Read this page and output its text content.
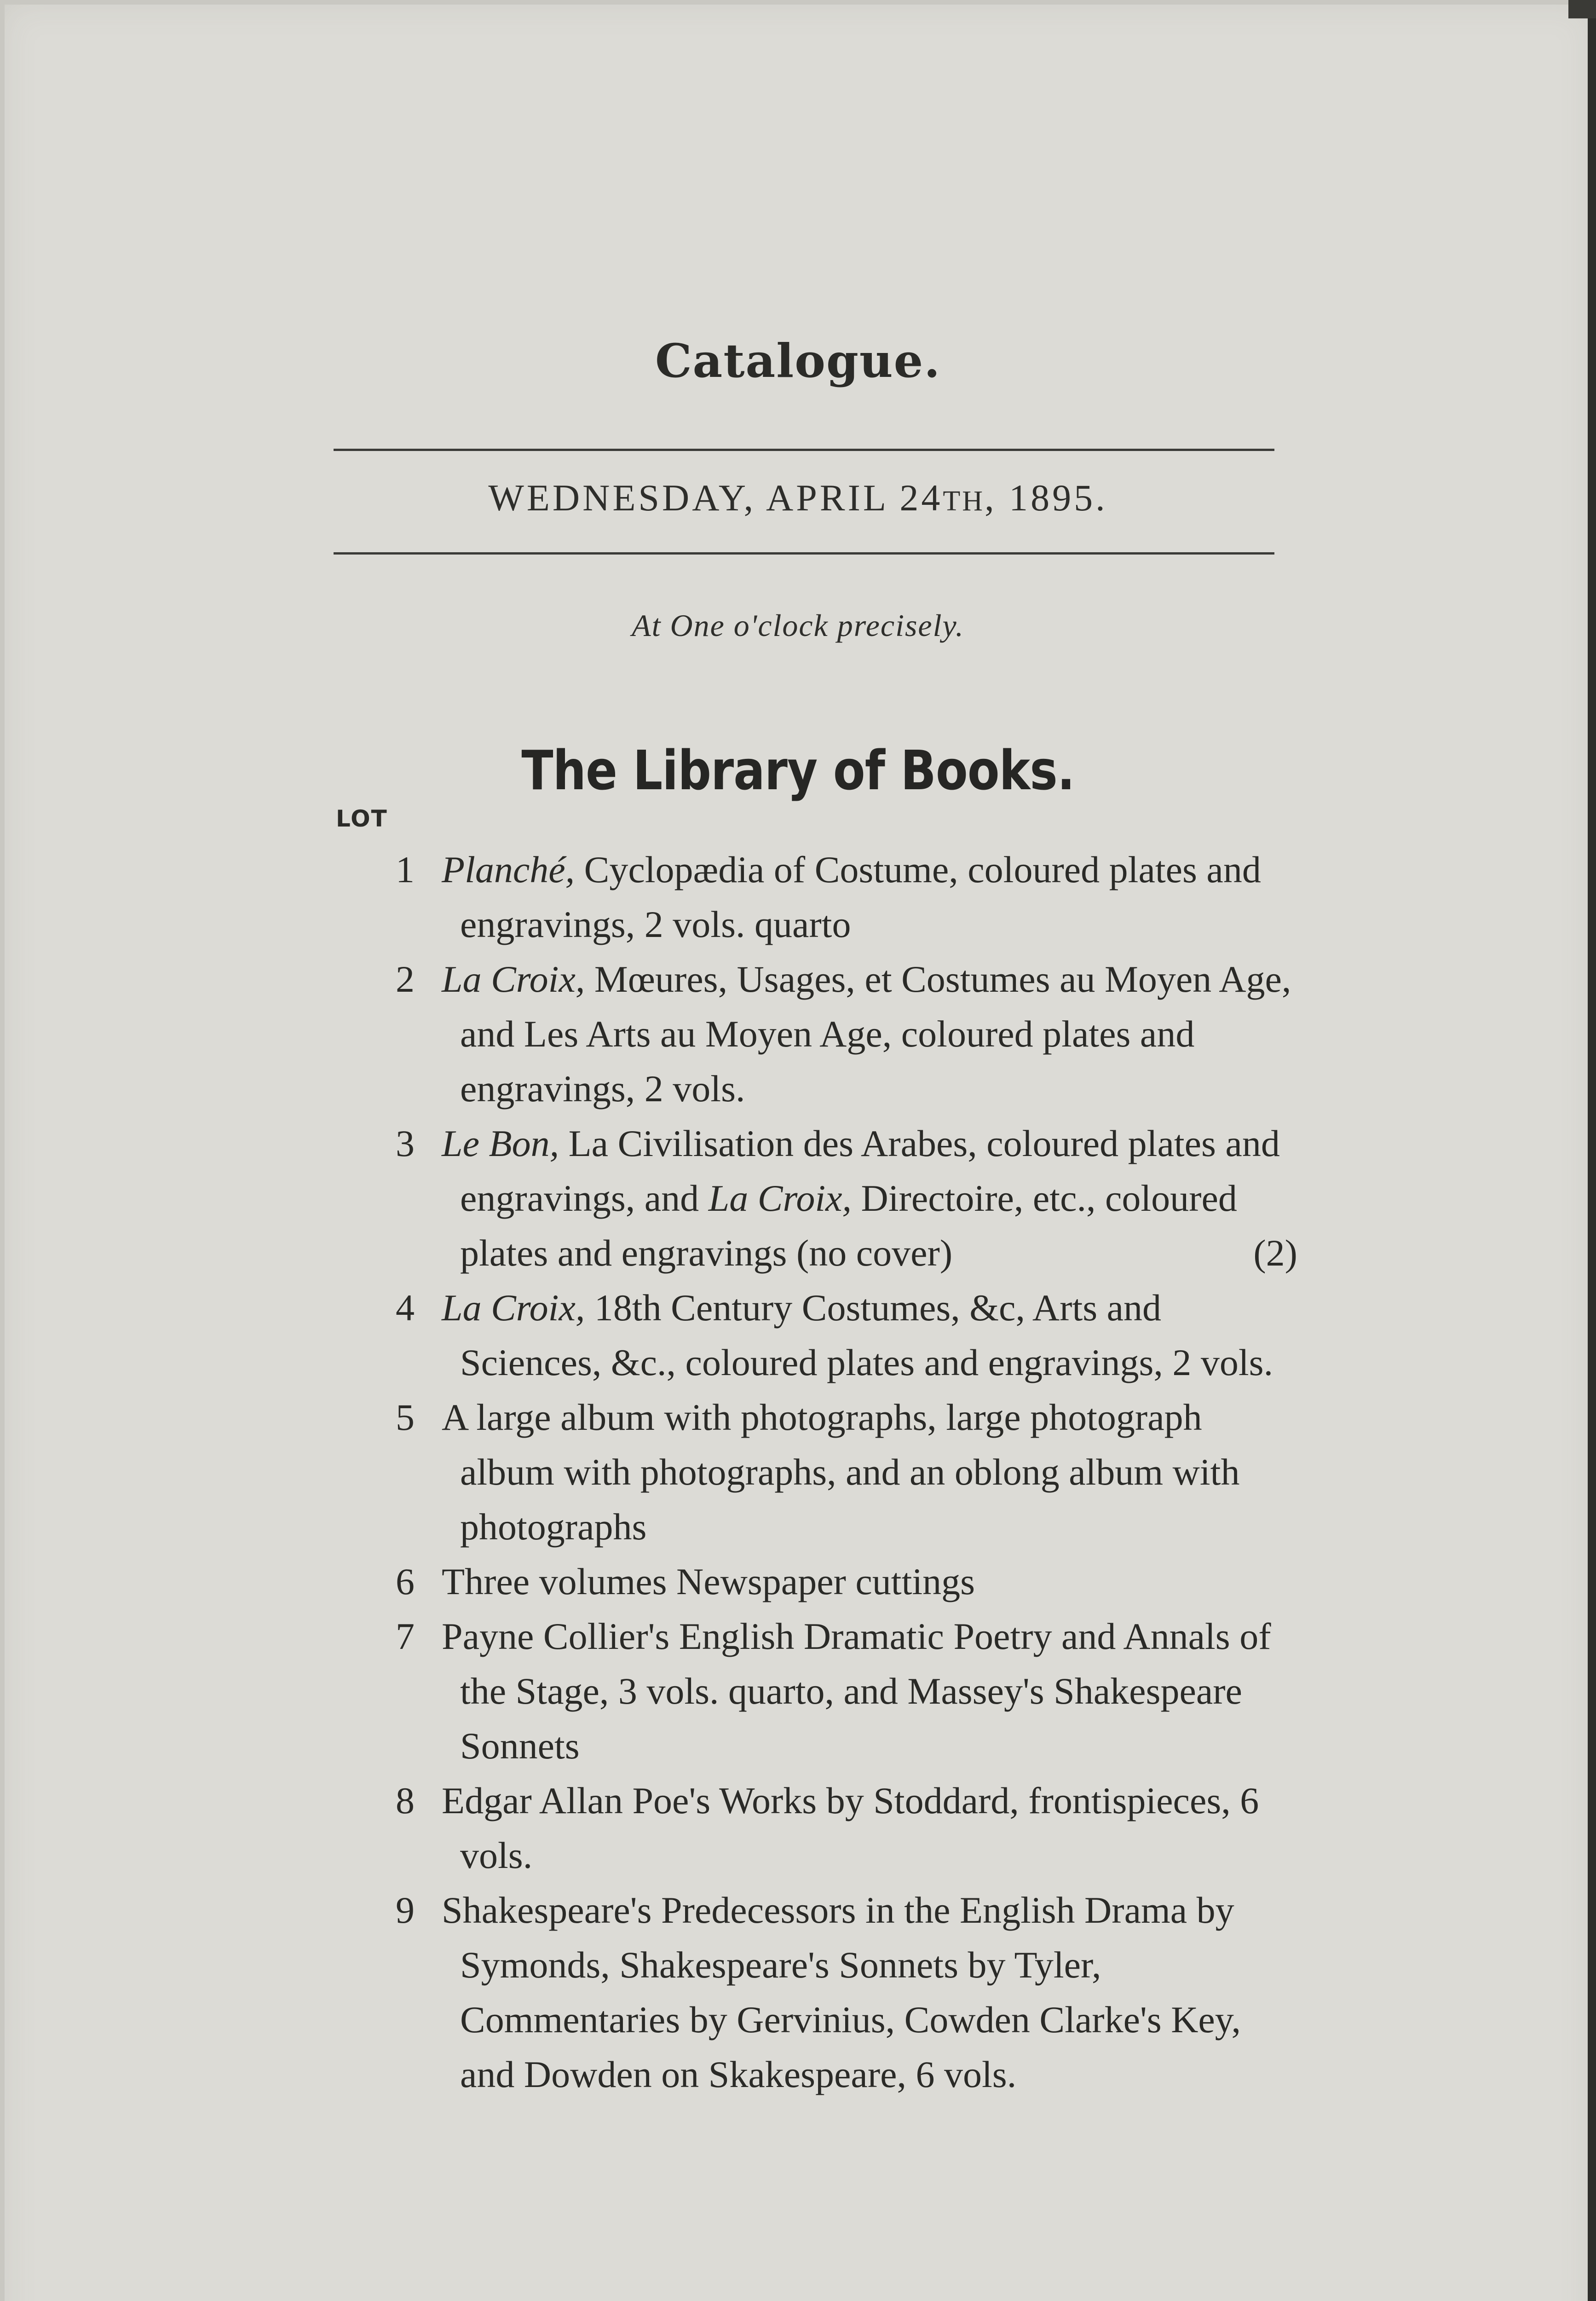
Catalogue.
WEDNESDAY, APRIL 24TH, 1895.
At One o'clock precisely.
The Library of Books.
LOT

1 Planché, Cyclopædia of Costume, coloured plates and engravings, 2 vols. quarto

2 La Croix, Mœures, Usages, et Costumes au Moyen Age, and Les Arts au Moyen Age, coloured plates and engravings, 2 vols.

3 Le Bon, La Civilisation des Arabes, coloured plates and engravings, and La Croix, Directoire, etc., coloured plates and engravings (no cover)	(2)

4 La Croix, 18th Century Costumes, &c, Arts and Sciences, &c., coloured plates and engravings, 2 vols.

5 A large album with photographs, large photograph album with photographs, and an oblong album with photographs

6 Three volumes Newspaper cuttings

7 Payne Collier's English Dramatic Poetry and Annals of the Stage, 3 vols. quarto, and Massey's Shakespeare Sonnets

8 Edgar Allan Poe's Works by Stoddard, frontispieces, 6 vols.

9 Shakespeare's Predecessors in the English Drama by Symonds, Shakespeare's Sonnets by Tyler, Commentaries by Gervinius, Cowden Clarke's Key, and Dowden on Skakespeare, 6 vols.
